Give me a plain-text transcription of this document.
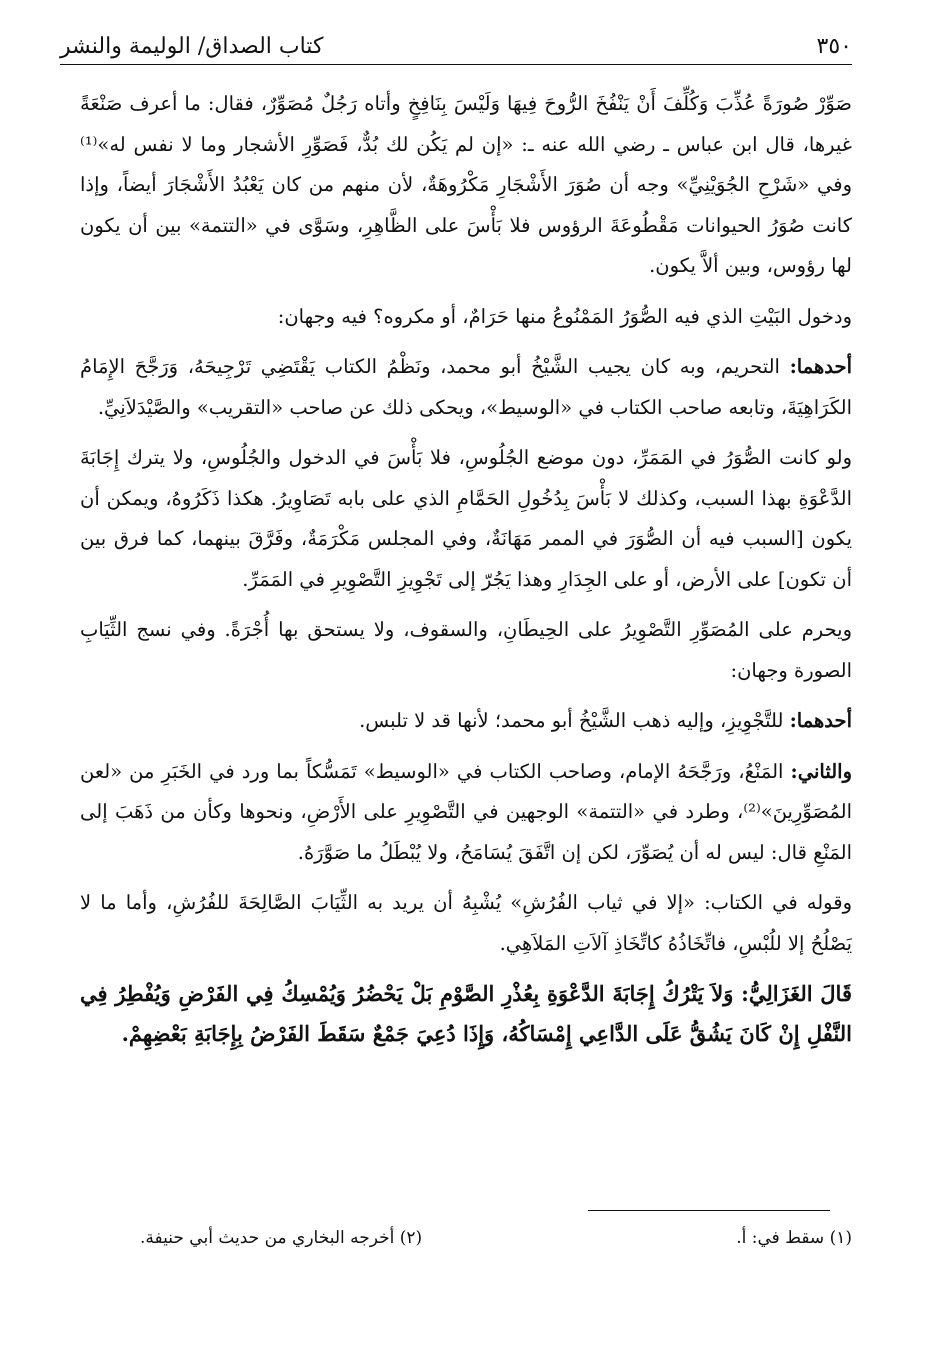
٣٥٠
كتاب الصداق/ الوليمة والنشر

صَوِّرْ صُورَةً عُذِّبَ وَكُلِّفَ أَنْ يَنْفُخَ الرُّوحَ فِيهَا وَلَيْسَ بِنَافِخٍ وأتاه رَجُلٌ مُصَوِّرٌ، فقال: ما أعرف صَنْعَةً غيرها، قال ابن عباس ـ رضي الله عنه ـ: «إن لم يَكُن لك بُدٌّ، فَصَوِّرِ الأشجار وما لا نفس له»⁽¹⁾ وفي «شَرْحِ الجُوَيْنِيِّ» وجه أن صُوَرَ الأَشْجَارِ مَكْرُوهَةٌ، لأن منهم من كان يَعْبُدُ الأَشْجَارَ أيضاً، وإذا كانت صُوَرُ الحيوانات مَقْطُوعَةَ الرؤوس فلا بَأْسَ على الظَّاهِرِ، وسَوَّى في «التتمة» بين أن يكون لها رؤوس، وبين ألاَّ يكون.

ودخول البَيْتِ الذي فيه الصُّوَرُ المَمْنُوعُ منها حَرَامٌ، أو مكروه؟ فيه وجهان:

أحدهما: التحريم، وبه كان يجيب الشَّيْخُ أبو محمد، ونَظْمُ الكتاب يَقْتَضِي تَرْجِيحَهُ، وَرَجَّحَ الإِمَامُ الكَرَاهِيَةَ، وتابعه صاحب الكتاب في «الوسيط»، ويحكى ذلك عن صاحب «التقريب» والصَّيْدَلاَنِيِّ.

ولو كانت الصُّوَرُ في المَمَرِّ، دون موضع الجُلُوسِ، فلا بَأْسَ في الدخول والجُلُوسِ، ولا يترك إِجَابَةَ الدَّعْوَةِ بهذا السبب، وكذلك لا بَأْسَ بِدُخُولِ الحَمَّامِ الذي على بابه تَصَاوِيرُ. هكذا ذَكَرُوهُ، ويمكن أن يكون [السبب فيه أن الصُّوَرَ في الممر مَهَانَةٌ، وفي المجلس مَكْرَمَةٌ، وفَرَّقَ بينهما، كما فرق بين أن تكون] على الأرض، أو على الجِدَارِ وهذا يَجُرّ إلى تَجْوِيزِ التَّصْوِيرِ في المَمَرِّ.

ويحرم على المُصَوِّرِ التَّصْوِيرُ على الحِيطَانِ، والسقوف، ولا يستحق بها أُجْرَةً. وفي نسج الثِّيَابِ الصورة وجهان:

أحدهما: للتَّجْوِيزِ، وإليه ذهب الشَّيْخُ أبو محمد؛ لأنها قد لا تلبس.

والثاني: المَنْعُ، ورَجَّحَهُ الإمام، وصاحب الكتاب في «الوسيط» تَمَسُّكاً بما ورد في الخَبَرِ من «لعن المُصَوِّرِينَ»⁽²⁾، وطرد في «التتمة» الوجهين في التَّصْوِيرِ على الأَرْضِ، ونحوها وكأن من ذَهَبَ إلى المَنْعِ قال: ليس له أن يُصَوِّرَ، لكن إن اتَّفَقَ يُسَامَحُ، ولا يُبْطَلُ ما صَوَّرَهُ.

وقوله في الكتاب: «إلا في ثياب الفُرُشِ» يُشْبِهُ أن يريد به الثِّيَابَ الصَّالِحَةَ للفُرُشِ، وأما ما لا يَصْلُحُ إلا للُبْسِ، فاتِّخَاذُهُ كاتِّخَاذِ آلاَتِ المَلاَهِي.

قَالَ الغَزَالِيُّ: وَلاَ يَتْرُكُ إِجَابَةَ الدَّعْوَةِ بِعُذْرِ الصَّوْمِ بَلْ يَحْضُرُ وَيُمْسِكُ فِي الفَرْضِ وَيُفْطِرُ فِي النَّفْلِ إِنْ كَانَ يَشُقُّ عَلَى الدَّاعِي إِمْسَاكُهُ، وَإِذَا دُعِيَ جَمْعٌ سَقَطَ الفَرْضُ بِإِجَابَةِ بَعْضِهِمْ.

(١) سقط في: أ.
(٢) أخرجه البخاري من حديث أبي حنيفة.
